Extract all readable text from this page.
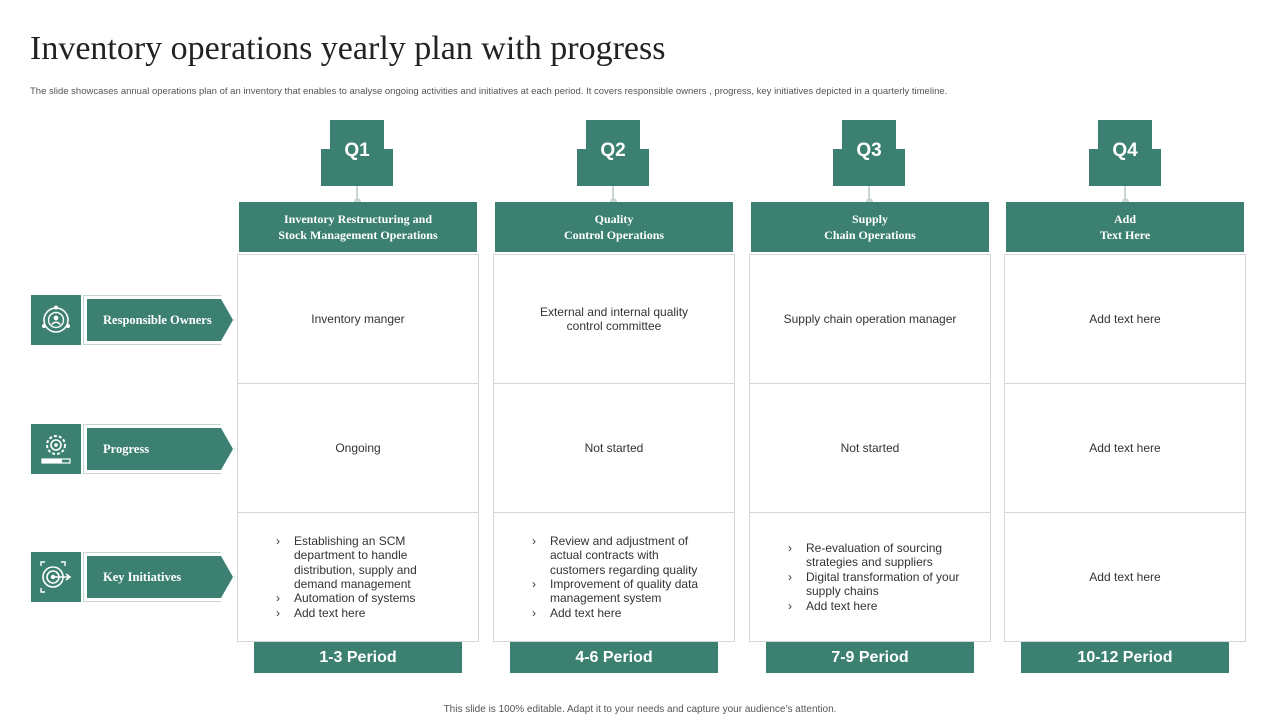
Inventory operations yearly plan with progress
The slide showcases annual operations plan of an inventory that enables to analyse ongoing activities and initiatives at each period. It covers responsible owners , progress, key initiatives depicted in a quarterly timeline.
Responsible Owners
Progress
Key Initiatives
Q1
Inventory Restructuring and
Stock Management Operations
Inventory manger
Ongoing
› Establishing an SCM department to handle distribution, supply and demand management
› Automation of systems
› Add text here
1-3 Period
Q2
Quality
Control Operations
External and internal quality control committee
Not started
› Review and adjustment of actual contracts with customers regarding quality
› Improvement of quality data management system
› Add text here
4-6 Period
Q3
Supply
Chain Operations
Supply chain operation manager
Not started
› Re-evaluation of sourcing strategies and suppliers
› Digital transformation of your supply chains
› Add text here
7-9 Period
Q4
Add
Text Here
Add text here
Add text here
Add text here
10-12 Period
This slide is 100% editable. Adapt it to your needs and capture your audience’s attention.
